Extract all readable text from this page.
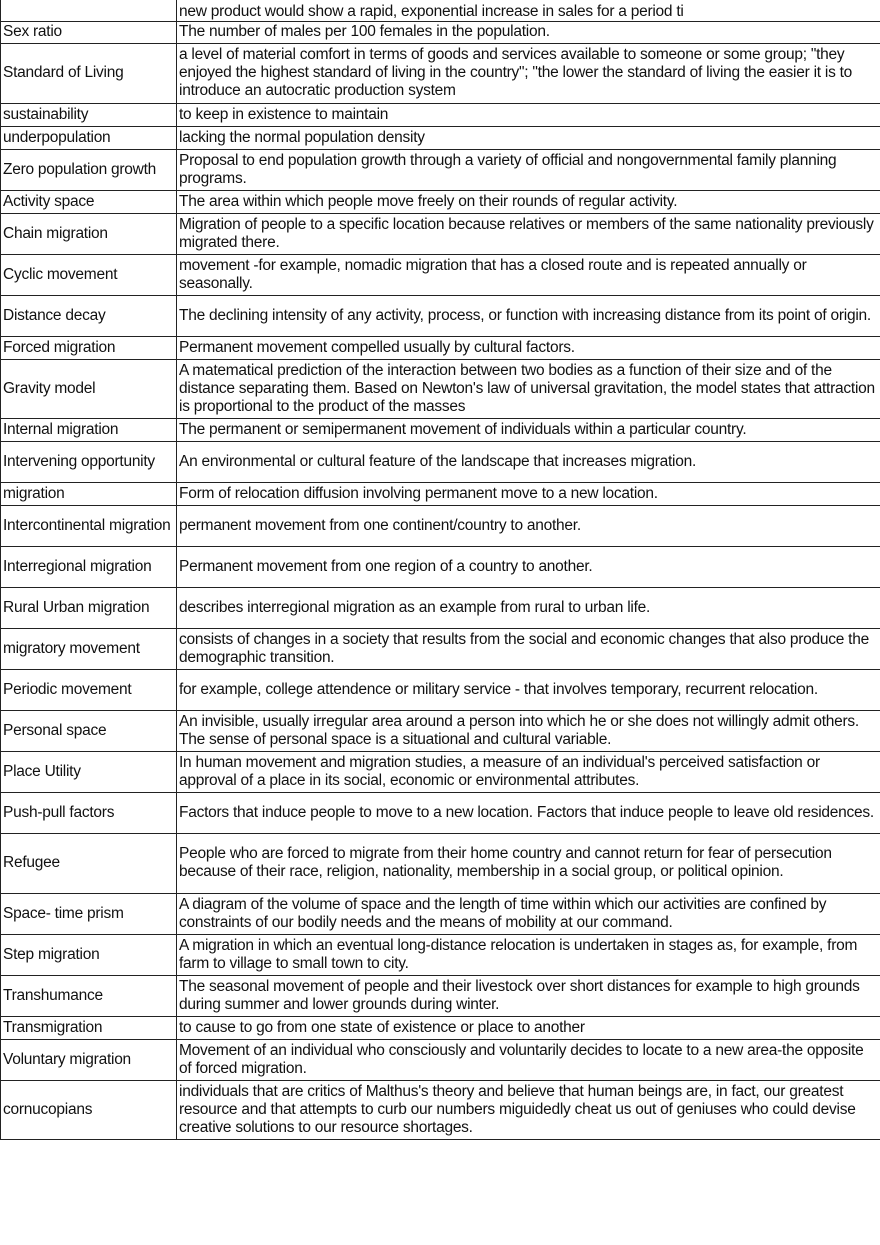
	new product would show a rapid, exponential increase in sales for a period ti
Sex ratio	The number of males per 100 females in the population.
Standard of Living	a level of material comfort in terms of goods and services available to someone or some group; "they enjoyed the highest standard of living in the country"; "the lower the standard of living the easier it is to introduce an autocratic production system
sustainability	to keep in existence to maintain
underpopulation	lacking the normal population density
Zero population growth	Proposal to end population growth through a variety of official and nongovernmental family planning programs.
Activity space	The area within which people move freely on their rounds of regular activity.
Chain migration	Migration of people to a specific location because relatives or members of the same nationality previously migrated there.
Cyclic movement	movement -for example, nomadic migration that has a closed route and is repeated annually or seasonally.
Distance decay	The declining intensity of any activity, process, or function with increasing distance from its point of origin.
Forced migration	Permanent movement compelled usually by cultural factors.
Gravity model	A matematical prediction of the interaction between two bodies as a function of their size and of the distance separating them. Based on Newton's law of universal gravitation, the model states that attraction is proportional to the product of the masses
Internal migration	The permanent or semipermanent movement of individuals within a particular country.
Intervening opportunity	An environmental or cultural feature of the landscape that increases migration.
migration	Form of relocation diffusion involving permanent move to a new location.
Intercontinental migration	permanent movement from one continent/country to another.
Interregional migration	Permanent movement from one region of a country to another.
Rural Urban migration	describes interregional migration as an example from rural to urban life.
migratory movement	consists of changes in a society that results from the social and economic changes that also produce the demographic transition.
Periodic movement	for example, college attendence or military service - that involves temporary, recurrent relocation.
Personal space	An invisible, usually irregular area around a person into which he or she does not willingly admit others. The sense of personal space is a situational and cultural variable.
Place Utility	In human movement and migration studies, a measure of an individual's perceived satisfaction or approval of a place in its social, economic or environmental attributes.
Push-pull factors	Factors that induce people to move to a new location. Factors that induce people to leave old residences.
Refugee	People who are forced to migrate from their home country and cannot return for fear of persecution because of their race, religion, nationality, membership in a social group, or political opinion.
Space- time prism	A diagram of the volume of space and the length of time within which our activities are confined by constraints of our bodily needs and the means of mobility at our command.
Step migration	A migration in which an eventual long-distance relocation is undertaken in stages as, for example, from farm to village to small town to city.
Transhumance	The seasonal movement of people and their livestock over short distances for example to high grounds during summer and lower grounds during winter.
Transmigration	to cause to go from one state of existence or place to another
Voluntary migration	Movement of an individual who consciously and voluntarily decides to locate to a new area-the opposite of forced migration.
cornucopians	individuals that are critics of Malthus's theory and believe that human beings are, in fact, our greatest resource and that attempts to curb our numbers miguidedly cheat us out of geniuses who could devise creative solutions to our resource shortages.
